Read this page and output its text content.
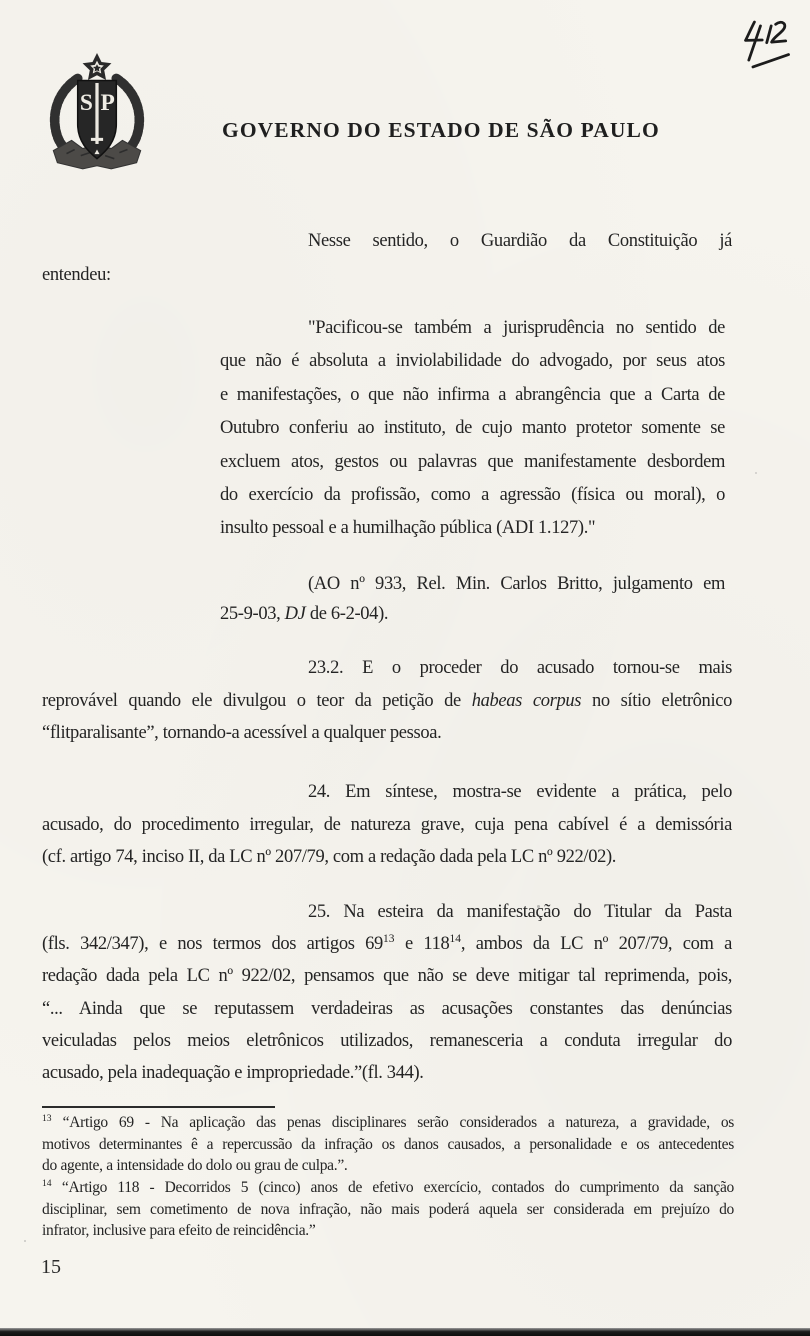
S P
GOVERNO DO ESTADO DE SÃO PAULO
Nesse sentido, o Guardião da Constituição já
entendeu:
"Pacificou-se também a jurisprudência no sentido de
que não é absoluta a inviolabilidade do advogado, por seus atos
e manifestações, o que não infirma a abrangência que a Carta de
Outubro conferiu ao instituto, de cujo manto protetor somente se
excluem atos, gestos ou palavras que manifestamente desbordem
do exercício da profissão, como a agressão (física ou moral), o
insulto pessoal e a humilhação pública (ADI 1.127)."
(AO nº 933, Rel. Min. Carlos Britto, julgamento em
25-9-03, DJ de 6-2-04).
23.2. E o proceder do acusado tornou-se mais
reprovável quando ele divulgou o teor da petição de habeas corpus no sítio eletrônico
“flitparalisante”, tornando-a acessível a qualquer pessoa.
24. Em síntese, mostra-se evidente a prática, pelo
acusado, do procedimento irregular, de natureza grave, cuja pena cabível é a demissória
(cf. artigo 74, inciso II, da LC nº 207/79, com a redação dada pela LC nº 922/02).
25. Na esteira da manifestação do Titular da Pasta
(fls. 342/347), e nos termos dos artigos $69^{13}$ e $118^{14}$, ambos da LC nº 207/79, com a
redação dada pela LC nº 922/02, pensamos que não se deve mitigar tal reprimenda, pois,
“... Ainda que se reputassem verdadeiras as acusações constantes das denúncias
veiculadas pelos meios eletrônicos utilizados, remanesceria a conduta irregular do
acusado, pela inadequação e impropriedade.”(fl. 344).
$^{13}$ “Artigo 69 - Na aplicação das penas disciplinares serão considerados a natureza, a gravidade, os
motivos determinantes ê a repercussão da infração os danos causados, a personalidade e os antecedentes
do agente, a intensidade do dolo ou grau de culpa.”.
$^{14}$ “Artigo 118 - Decorridos 5 (cinco) anos de efetivo exercício, contados do cumprimento da sanção
disciplinar, sem cometimento de nova infração, não mais poderá aquela ser considerada em prejuízo do
infrator, inclusive para efeito de reincidência.”
15
